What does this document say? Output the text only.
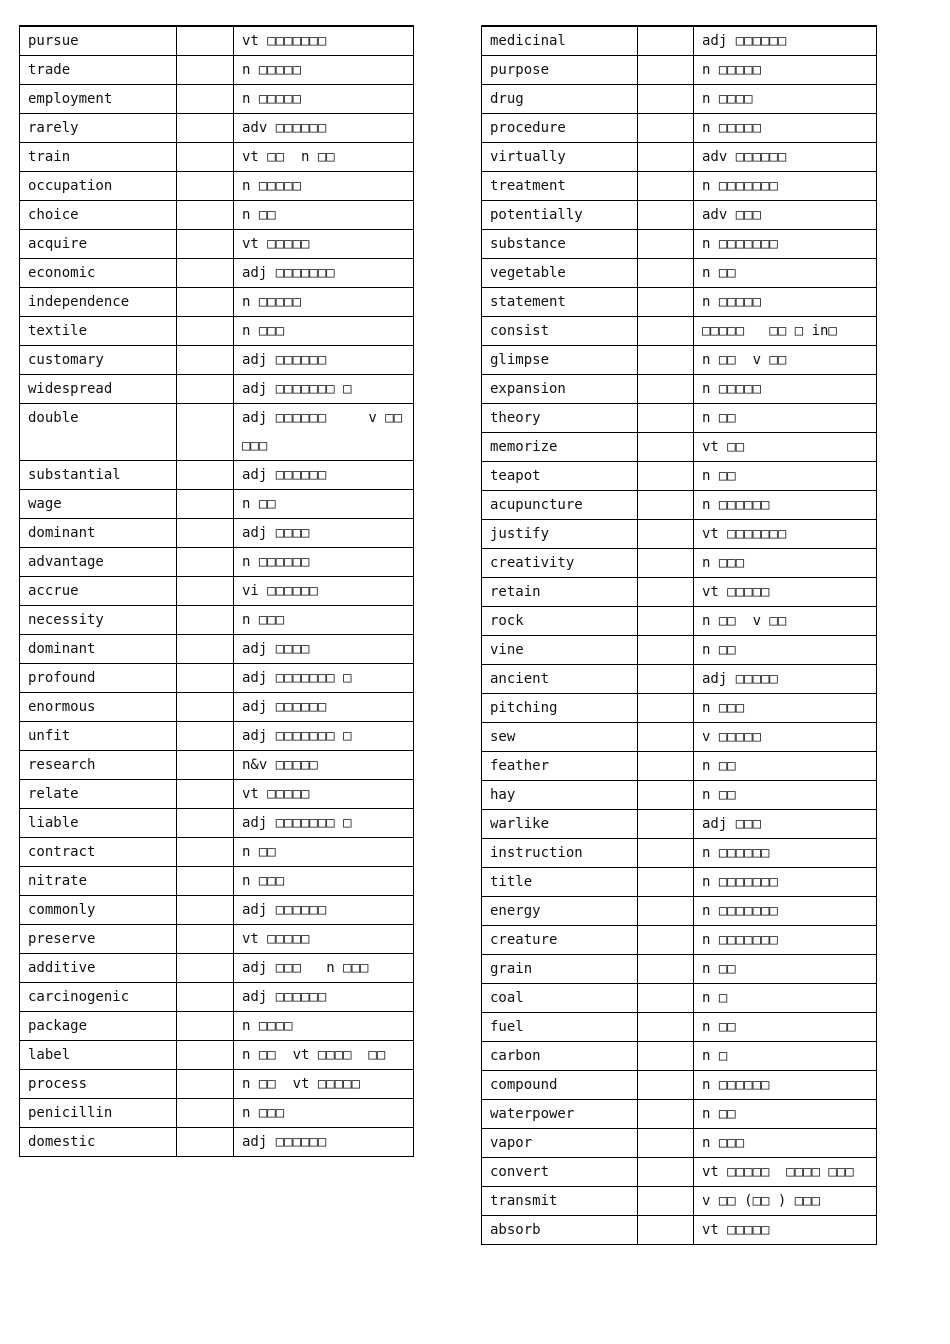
pursue		vt □□□□□□□
trade		n □□□□□
employment		n □□□□□
rarely		adv □□□□□□
train		vt □□  n □□
occupation		n □□□□□
choice		n □□
acquire		vt □□□□□
economic		adj □□□□□□□
independence		n □□□□□
textile		n □□□
customary		adj □□□□□□
widespread		adj □□□□□□□ □
double		adj □□□□□□     v □□□□□
substantial		adj □□□□□□
wage		n □□
dominant		adj □□□□
advantage		n □□□□□□
accrue		vi □□□□□□
necessity		n □□□
dominant		adj □□□□
profound		adj □□□□□□□ □
enormous		adj □□□□□□
unfit		adj □□□□□□□ □
research		n&v □□□□□
relate		vt □□□□□
liable		adj □□□□□□□ □
contract		n □□
nitrate		n □□□
commonly		adj □□□□□□
preserve		vt □□□□□
additive		adj □□□   n □□□
carcinogenic		adj □□□□□□
package		n □□□□
label		n □□  vt □□□□  □□
process		n □□  vt □□□□□
penicillin		n □□□
domestic		adj □□□□□□
medicinal		adj □□□□□□
purpose		n □□□□□
drug		n □□□□
procedure		n □□□□□
virtually		adv □□□□□□
treatment		n □□□□□□□
potentially		adv □□□
substance		n □□□□□□□
vegetable		n □□
statement		n □□□□□
consist		□□□□□   □□ □ in□
glimpse		n □□  v □□
expansion		n □□□□□
theory		n □□
memorize		vt □□
teapot		n □□
acupuncture		n □□□□□□
justify		vt □□□□□□□
creativity		n □□□
retain		vt □□□□□
rock		n □□  v □□
vine		n □□
ancient		adj □□□□□
pitching		n □□□
sew		v □□□□□
feather		n □□
hay		n □□
warlike		adj □□□
instruction		n □□□□□□
title		n □□□□□□□
energy		n □□□□□□□
creature		n □□□□□□□
grain		n □□
coal		n □
fuel		n □□
carbon		n □
compound		n □□□□□□
waterpower		n □□
vapor		n □□□
convert		vt □□□□□  □□□□ □□□
transmit		v □□ (□□ ) □□□
absorb		vt □□□□□
